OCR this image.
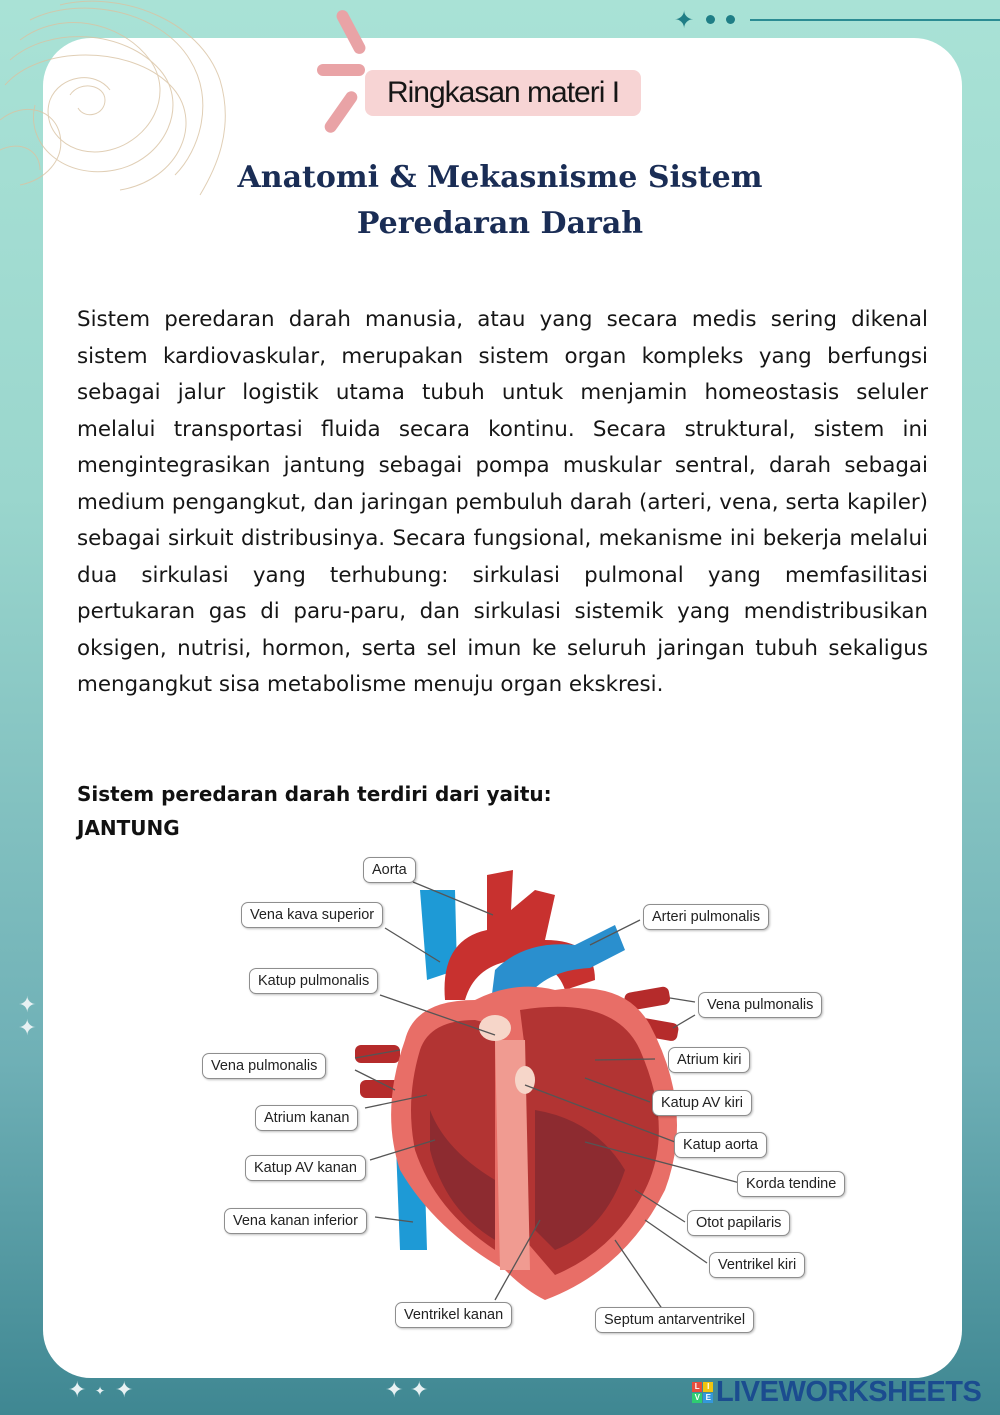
✦
Ringkasan materi I
Anatomi & Mekasnisme Sistem
Peredaran Darah

Sistem peredaran darah manusia, atau yang secara medis sering dikenal sistem kardiovaskular, merupakan sistem organ kompleks yang berfungsi sebagai jalur logistik utama tubuh untuk menjamin homeostasis seluler melalui transportasi fluida secara kontinu. Secara struktural, sistem ini mengintegrasikan jantung sebagai pompa muskular sentral, darah sebagai medium pengangkut, dan jaringan pembuluh darah (arteri, vena, serta kapiler) sebagai sirkuit distribusinya. Secara fungsional, mekanisme ini bekerja melalui dua sirkulasi yang terhubung: sirkulasi pulmonal yang memfasilitasi pertukaran gas di paru-paru, dan sirkulasi sistemik yang mendistribusikan oksigen, nutrisi, hormon, serta sel imun ke seluruh jaringan tubuh sekaligus mengangkut sisa metabolisme menuju organ ekskresi.

Sistem peredaran darah terdiri dari yaitu:
JANTUNG
Aorta
Vena kava superior
Katup pulmonalis
Vena pulmonalis
Atrium kanan
Katup AV kanan
Vena kanan inferior
Ventrikel kanan
Arteri pulmonalis
Vena pulmonalis
Atrium kiri
Katup AV kiri
Katup aorta
Korda tendine
Otot papilaris
Ventrikel kiri
Septum antarventrikel
✦
✦
✦ ✦ ✦	✦ ✦	L I
V E LIVEWORKSHEETS
